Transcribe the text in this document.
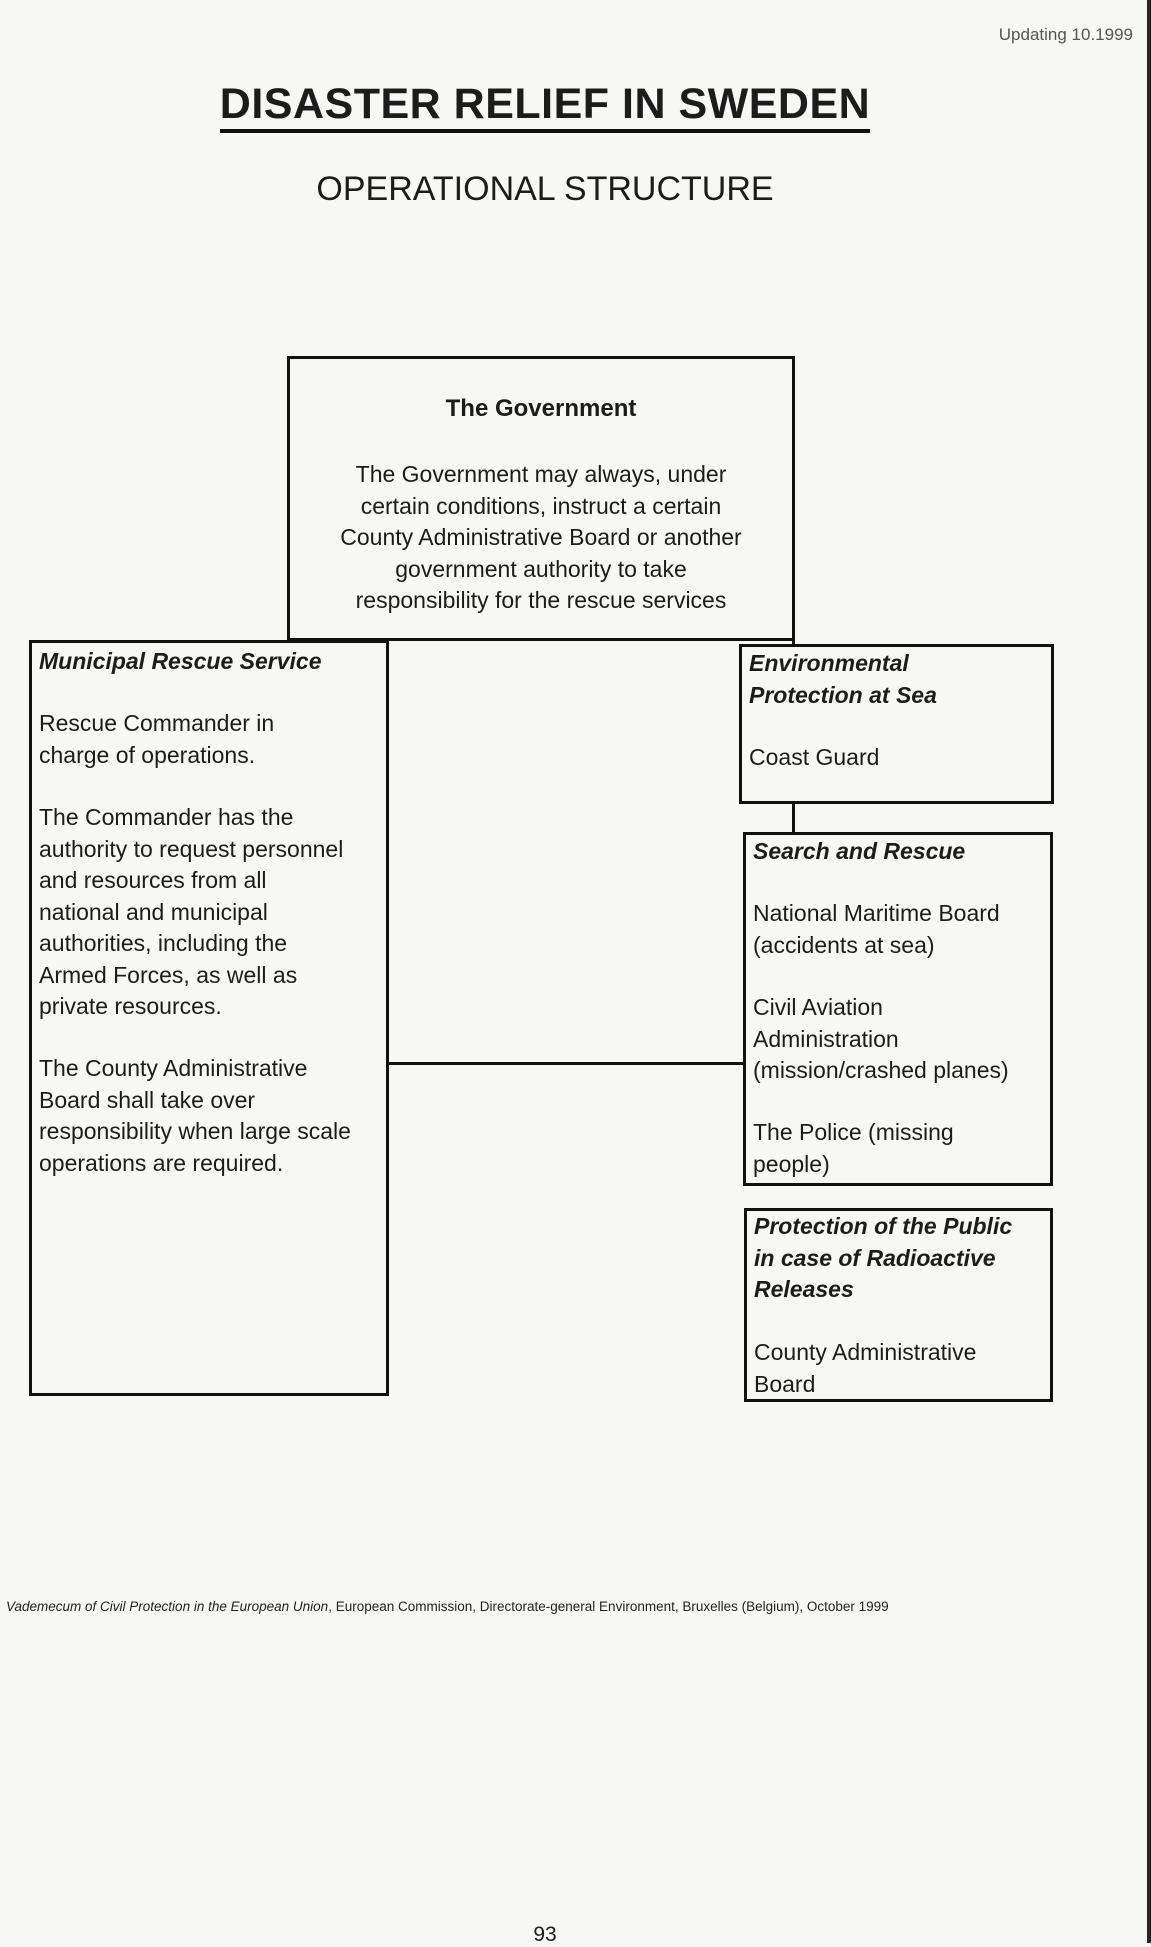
Updating 10.1999
DISASTER RELIEF IN SWEDEN
OPERATIONAL STRUCTURE
The Government

The Government may always, under

certain conditions, instruct a certain

County Administrative Board or another

government authority to take

responsibility for the rescue services

Municipal Rescue Service

Rescue Commander in

charge of operations.

The Commander has the

authority to request personnel

and resources from all

national and municipal

authorities, including the

Armed Forces, as well as

private resources.

The County Administrative

Board shall take over

responsibility when large scale

operations are required.

Environmental

Protection at Sea

Coast Guard
Search and Rescue

National Maritime Board

(accidents at sea)

Civil Aviation

Administration

(mission/crashed planes)

The Police (missing

people)

Protection of the Public

in case of Radioactive

Releases

County Administrative

Board

Vademecum of Civil Protection in the European Union, European Commission, Directorate-general Environment, Bruxelles (Belgium), October 1999
93
